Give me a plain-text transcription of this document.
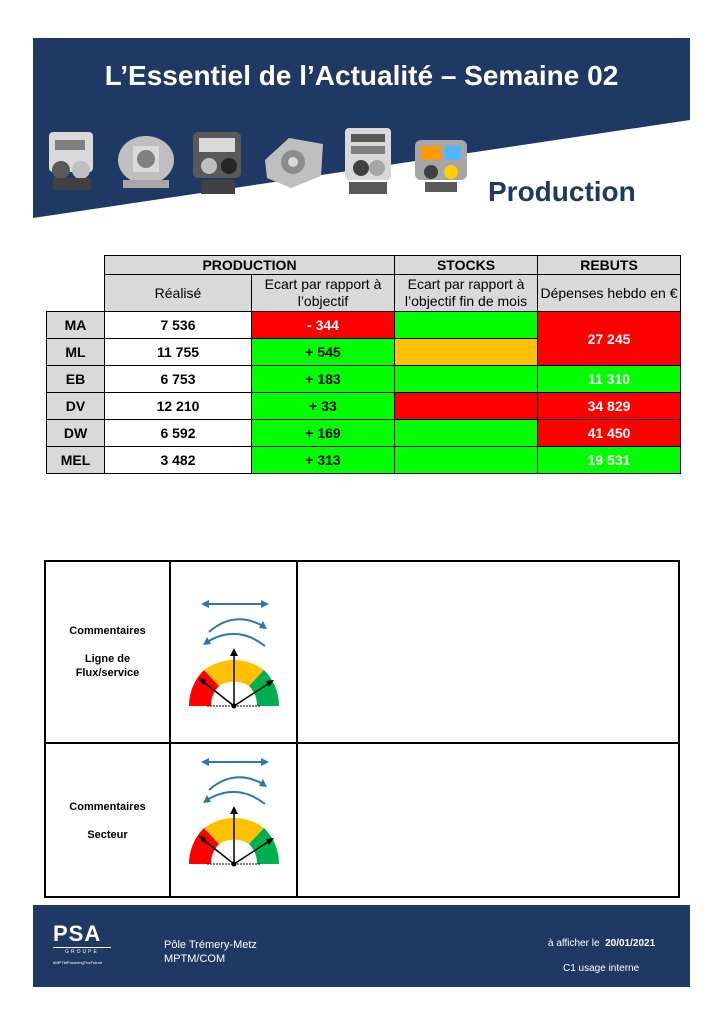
L’Essentiel de l’Actualité – Semaine 02
Production
	PRODUCTION		STOCKS	REBUTS
	Réalisé	Ecart par rapport à l’objectif	Ecart par rapport à l’objectif fin de mois	Dépenses hebdo en €
MA	7 536	- 344		27 245
ML	11 755	+ 545		
EB	6 753	+ 183		11 310
DV	12 210	+ 33		34 829
DW	6 592	+ 169		41 450
MEL	3 482	+ 313		19 531
Commentaires
Ligne de Flux/service
Commentaires
Secteur
PSA
GROUPE
#MPTMPoweringTheFuture
Pôle Trémery-Metz
MPTM/COM
à afficher le 20/01/2021
C1 usage interne
